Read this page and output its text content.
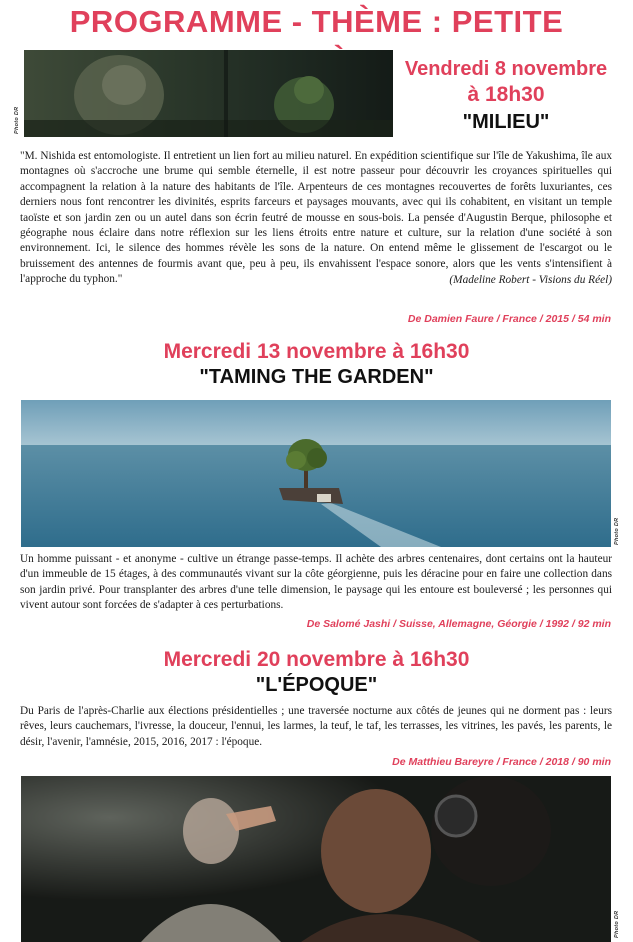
PROGRAMME - THÈME : PETITE
Photo DR
Vendredi 8 novembre
à 18h30
"MILIEU"

"M. Nishida est entomologiste. Il entretient un lien fort au milieu naturel. En expédition scientifique sur l'île de Yakushima, île aux montagnes où s'accroche une brume qui semble éternelle, il est notre passeur pour découvrir les croyances spirituelles qui accompagnent la relation à la nature des habitants de l'île. Arpenteurs de ces montagnes recouvertes de forêts luxuriantes, ces derniers nous font rencontrer les divinités, esprits farceurs et paysages mouvants, avec qui ils cohabitent, en visitant un temple taoïste et son jardin zen ou un autel dans son écrin feutré de mousse en sous-bois. La pensée d'Augustin Berque, philosophe et géographe nous éclaire dans notre réflexion sur les liens étroits entre nature et culture, sur la relation d'une société à son environnement. Ici, le silence des hommes révèle les sons de la nature. On entend même le glissement de l'escargot ou le bruissement des antennes de fourmis avant que, peu à peu, ils envahissent l'espace sonore, alors que les vents s'intensifient à l'approche du typhon."	(Madeline Robert - Visions du Réel)

De Damien Faure / France / 2015 / 54 min
Mercredi 13 novembre à 16h30
"TAMING THE GARDEN"
Photo DR

Un homme puissant - et anonyme - cultive un étrange passe-temps. Il achète des arbres centenaires, dont certains ont la hauteur d'un immeuble de 15 étages, à des communautés vivant sur la côte géorgienne, puis les déracine pour en faire une collection dans son jardin privé. Pour transplanter des arbres d'une telle dimension, le paysage qui les entoure est bouleversé ; les personnes qui vivent autour sont forcées de s'adapter à ces perturbations.

De Salomé Jashi / Suisse, Allemagne, Géorgie / 1992 / 92 min
Mercredi 20 novembre à 16h30
"L'ÉPOQUE"

Du Paris de l'après-Charlie aux élections présidentielles ; une traversée nocturne aux côtés de jeunes qui ne dorment pas : leurs rêves, leurs cauchemars, l'ivresse, la douceur, l'ennui, les larmes, la teuf, le taf, les terrasses, les vitrines, les pavés, les parents, le désir, l'avenir, l'amnésie, 2015, 2016, 2017 : l'époque.

De Matthieu Bareyre / France / 2018 / 90 min
Photo DR
